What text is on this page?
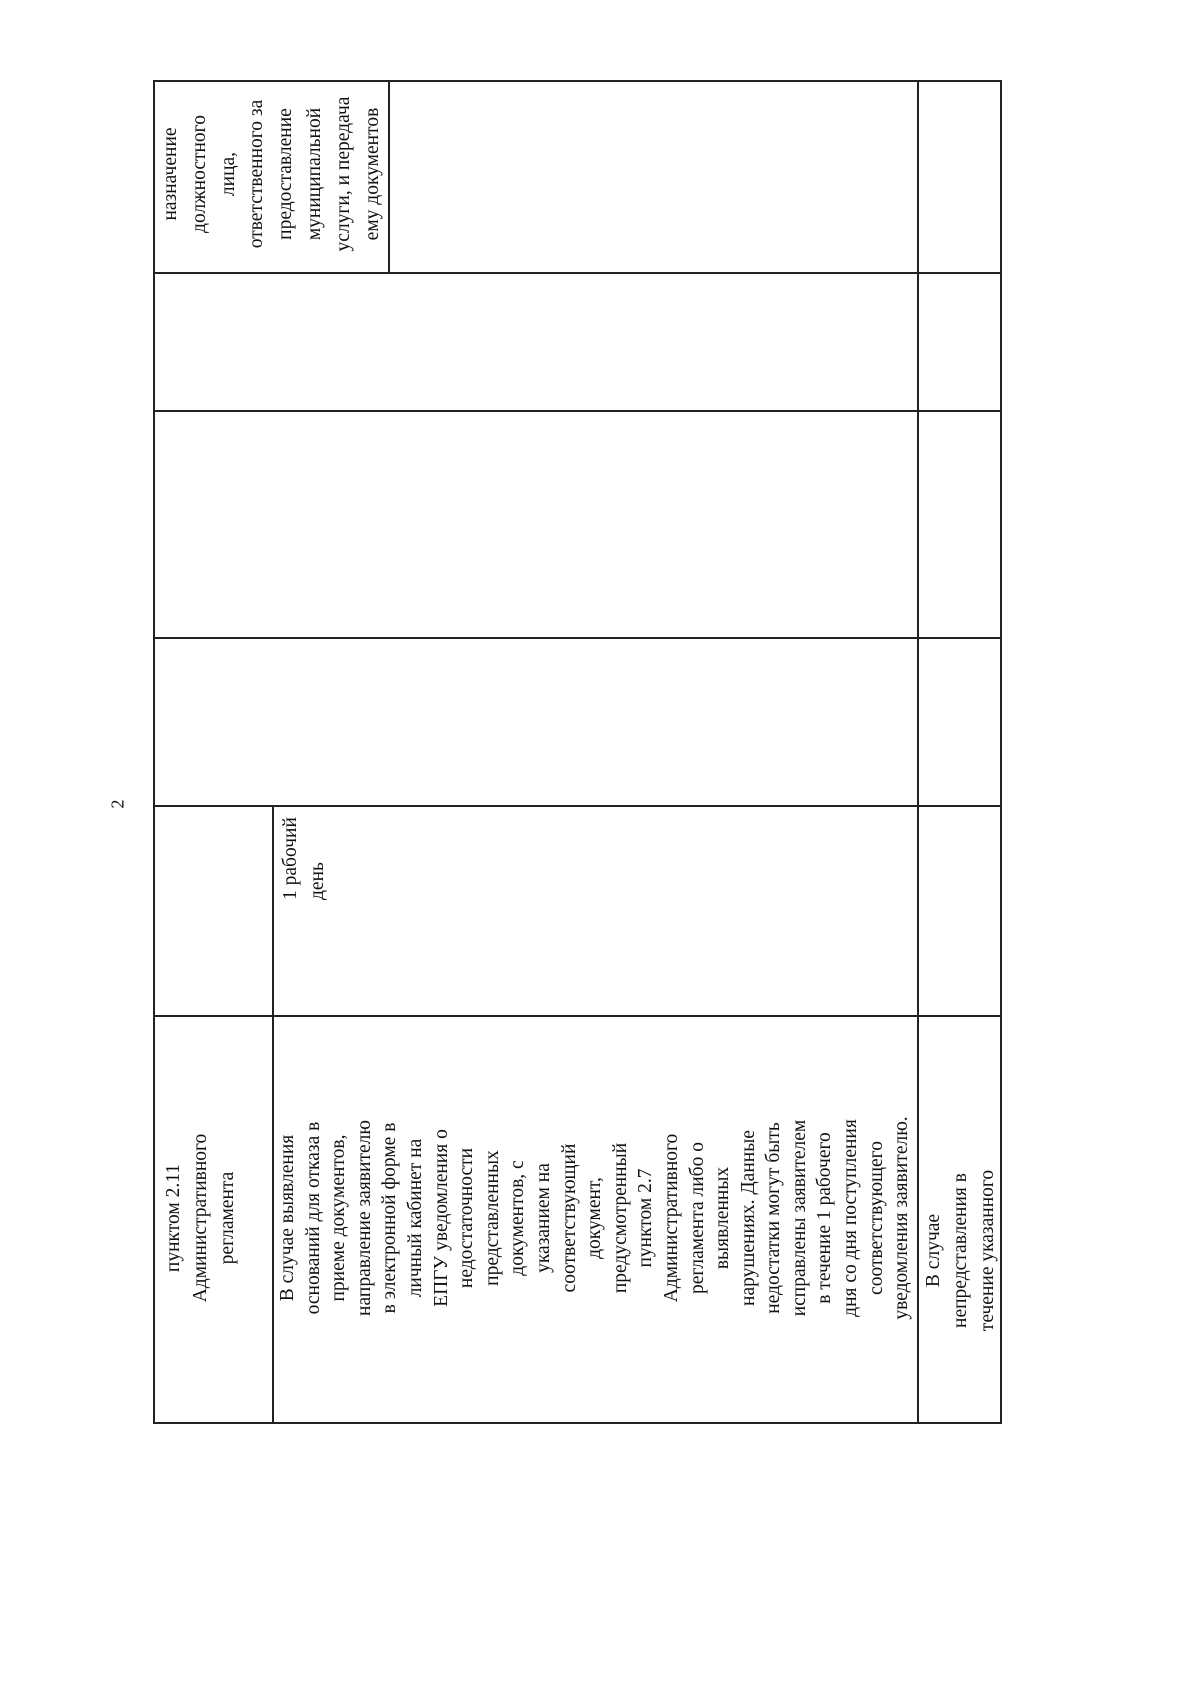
2
пунктом 2.11
Административного
регламента
В случае выявления
оснований для отказа в
приеме документов,
направление заявителю
в электронной форме в
личный кабинет на
ЕПГУ уведомления о
недостаточности
представленных
документов, с
указанием на
соответствующий
документ,
предусмотренный
пунктом 2.7
Административного
регламента либо о
выявленных
нарушениях. Данные
недостатки могут быть
исправлены заявителем
в течение 1 рабочего
дня со дня поступления
соответствующего
уведомления заявителю.
1 рабочий
день
назначение
должностного
лица,
ответственного за
предоставление
муниципальной
услуги, и передача
ему документов
В случае
непредставления в
течение указанного
